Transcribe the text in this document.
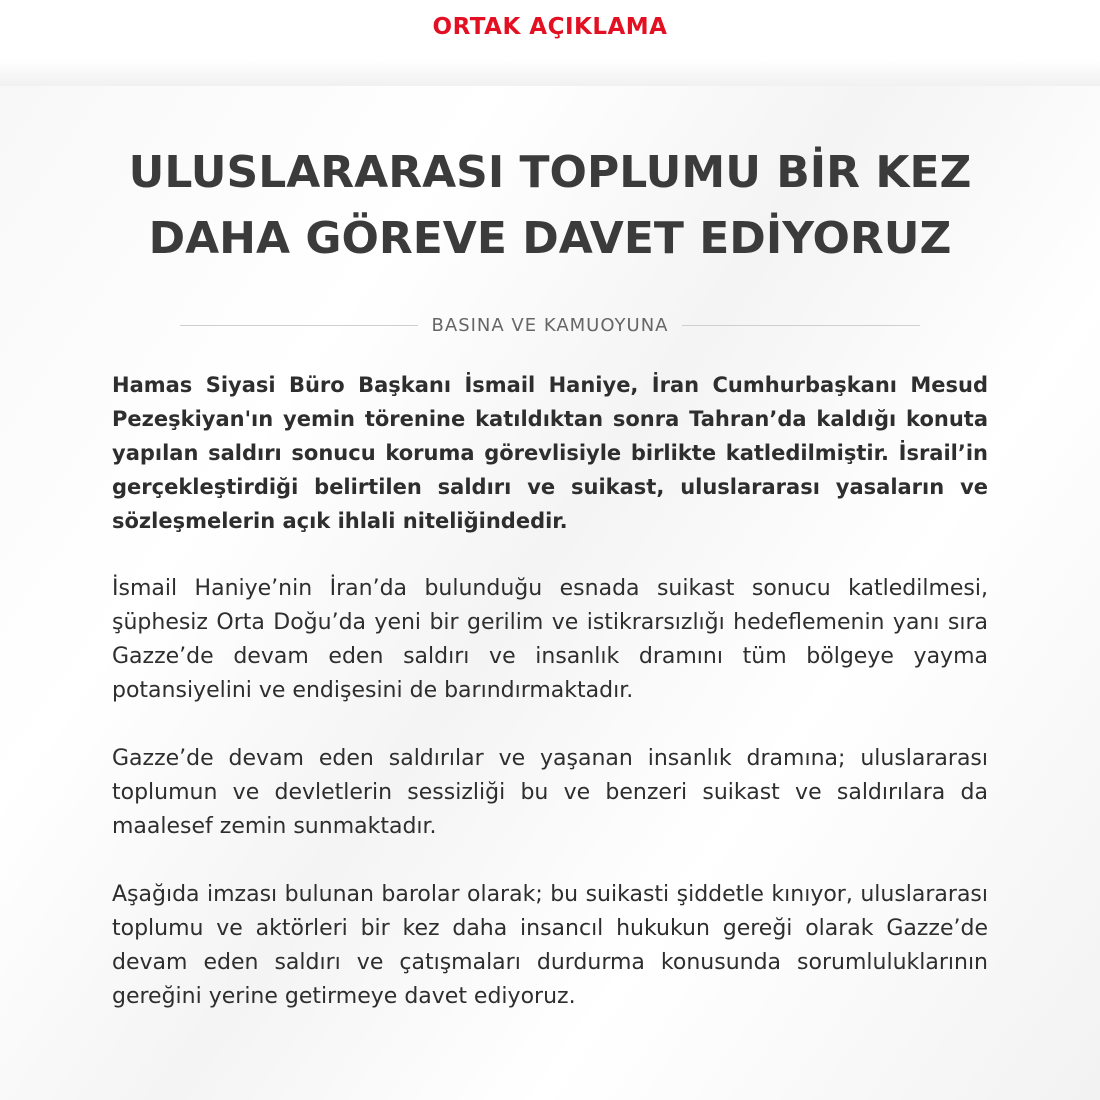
ORTAK AÇIKLAMA
ULUSLARARASI TOPLUMU BİR KEZ
DAHA GÖREVE DAVET EDİYORUZ
BASINA VE KAMUOYUNA

Hamas Siyasi Büro Başkanı İsmail Haniye, İran Cumhurbaşkanı Mesud Pezeşkiyan'ın yemin törenine katıldıktan sonra Tahran’da kaldığı konuta yapılan saldırı sonucu koruma görevlisiyle birlikte katledilmiştir. İsrail’in gerçekleştirdiği belirtilen saldırı ve suikast, uluslararası yasaların ve sözleşmelerin açık ihlali niteliğindedir.

İsmail Haniye’nin İran’da bulunduğu esnada suikast sonucu katledilmesi, şüphesiz Orta Doğu’da yeni bir gerilim ve istikrarsızlığı hedeflemenin yanı sıra Gazze’de devam eden saldırı ve insanlık dramını tüm bölgeye yayma potansiyelini ve endişesini de barındırmaktadır.

Gazze’de devam eden saldırılar ve yaşanan insanlık dramına; uluslararası toplumun ve devletlerin sessizliği bu ve benzeri suikast ve saldırılara da maalesef zemin sunmaktadır.

Aşağıda imzası bulunan barolar olarak; bu suikasti şiddetle kınıyor, uluslararası toplumu ve aktörleri bir kez daha insancıl hukukun gereği olarak Gazze’de devam eden saldırı ve çatışmaları durdurma konusunda sorumluluklarının gereğini yerine getirmeye davet ediyoruz.
